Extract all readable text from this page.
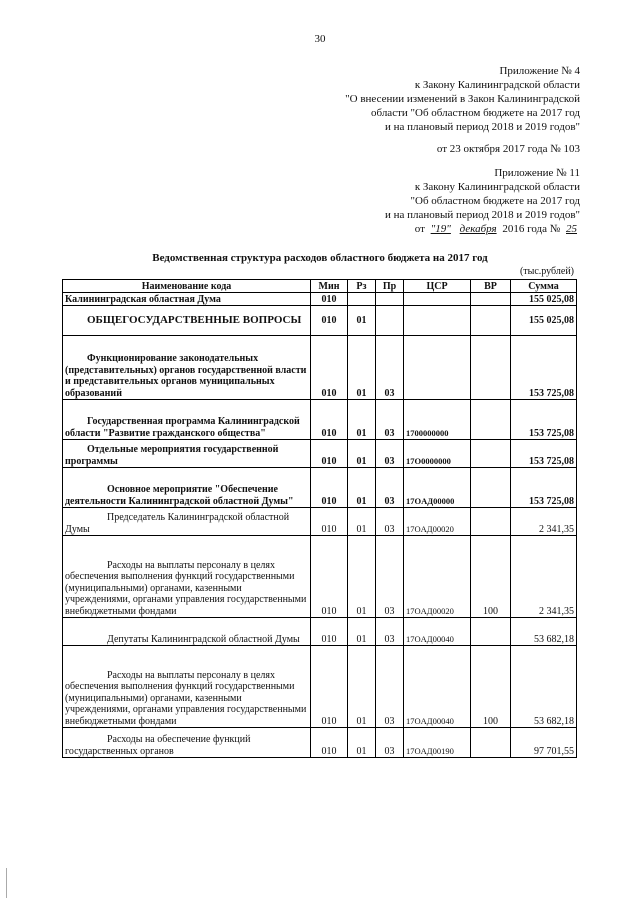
30
Приложение № 4
к Закону Калининградской области
"О внесении изменений в Закон Калининградской
области "Об областном бюджете на 2017 год
и на плановый период 2018 и 2019 годов"
от 23 октября 2017 года № 103
Приложение № 11
к Закону Калининградской области
"Об областном бюджете на 2017 год
и на плановый период 2018 и 2019 годов"
от "19" декабря 2016 года № 25
Ведомственная структура расходов областного бюджета на 2017 год
(тыс.рублей)
Наименование кода	Мин	Рз	Пр	ЦСР	ВР	Сумма
Калининградская областная Дума	010					155 025,08
ОБЩЕГОСУДАРСТВЕННЫЕ ВОПРОСЫ	010	01				155 025,08
Функционирование законодательных (представительных) органов государственной власти и представительных органов муниципальных образований	010	01	03			153 725,08
Государственная программа Калининградской области "Развитие гражданского общества"	010	01	03	1700000000		153 725,08
Отдельные мероприятия государственной программы	010	01	03	17O0000000		153 725,08
Основное мероприятие "Обеспечение деятельности Калининградской областной Думы"	010	01	03	17OАД00000		153 725,08
Председатель Калининградской областной Думы	010	01	03	17OАД00020		2 341,35
Расходы на выплаты персоналу в целях обеспечения выполнения функций государственными (муниципальными) органами, казенными учреждениями, органами управления государственными внебюджетными фондами	010	01	03	17OАД00020	100	2 341,35
Депутаты Калининградской областной Думы	010	01	03	17OАД00040		53 682,18
Расходы на выплаты персоналу в целях обеспечения выполнения функций государственными (муниципальными) органами, казенными учреждениями, органами управления государственными внебюджетными фондами	010	01	03	17OАД00040	100	53 682,18
Расходы на обеспечение функций государственных органов	010	01	03	17OАД00190		97 701,55
